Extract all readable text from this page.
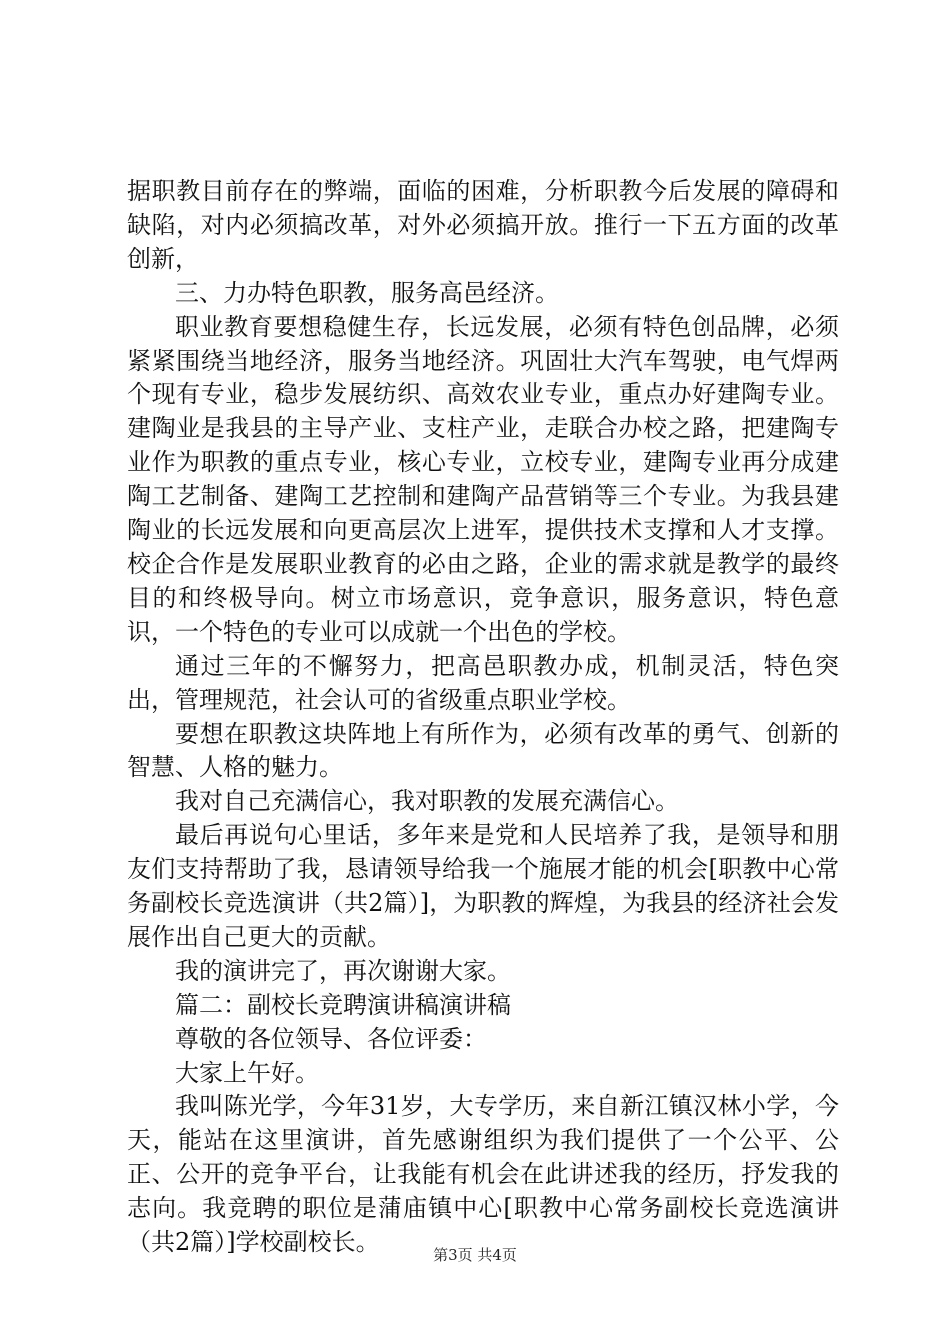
据职教目前存在的弊端，面临的困难，分析职教今后发展的障碍和缺陷，对内必须搞改革，对外必须搞开放。推行一下五方面的改革创新，

三、力办特色职教，服务高邑经济。

职业教育要想稳健生存，长远发展，必须有特色创品牌，必须紧紧围绕当地经济，服务当地经济。巩固壮大汽车驾驶，电气焊两个现有专业，稳步发展纺织、高效农业专业，重点办好建陶专业。建陶业是我县的主导产业、支柱产业，走联合办校之路，把建陶专业作为职教的重点专业，核心专业，立校专业，建陶专业再分成建陶工艺制备、建陶工艺控制和建陶产品营销等三个专业。为我县建陶业的长远发展和向更高层次上进军，提供技术支撑和人才支撑。校企合作是发展职业教育的必由之路，企业的需求就是教学的最终目的和终极导向。树立市场意识，竞争意识，服务意识，特色意识，一个特色的专业可以成就一个出色的学校。

通过三年的不懈努力，把高邑职教办成，机制灵活，特色突出，管理规范，社会认可的省级重点职业学校。

要想在职教这块阵地上有所作为，必须有改革的勇气、创新的智慧、人格的魅力。

我对自己充满信心，我对职教的发展充满信心。

最后再说句心里话，多年来是党和人民培养了我，是领导和朋友们支持帮助了我，恳请领导给我一个施展才能的机会[职教中心常务副校长竞选演讲（共2篇）]，为职教的辉煌，为我县的经济社会发展作出自己更大的贡献。

我的演讲完了，再次谢谢大家。

篇二：副校长竞聘演讲稿演讲稿

尊敬的各位领导、各位评委：

大家上午好。

我叫陈光学，今年31岁，大专学历，来自新江镇汉林小学，今天，能站在这里演讲，首先感谢组织为我们提供了一个公平、公正、公开的竞争平台，让我能有机会在此讲述我的经历，抒发我的志向。我竞聘的职位是蒲庙镇中心[职教中心常务副校长竞选演讲（共2篇）]学校副校长。	第3页 共4页
